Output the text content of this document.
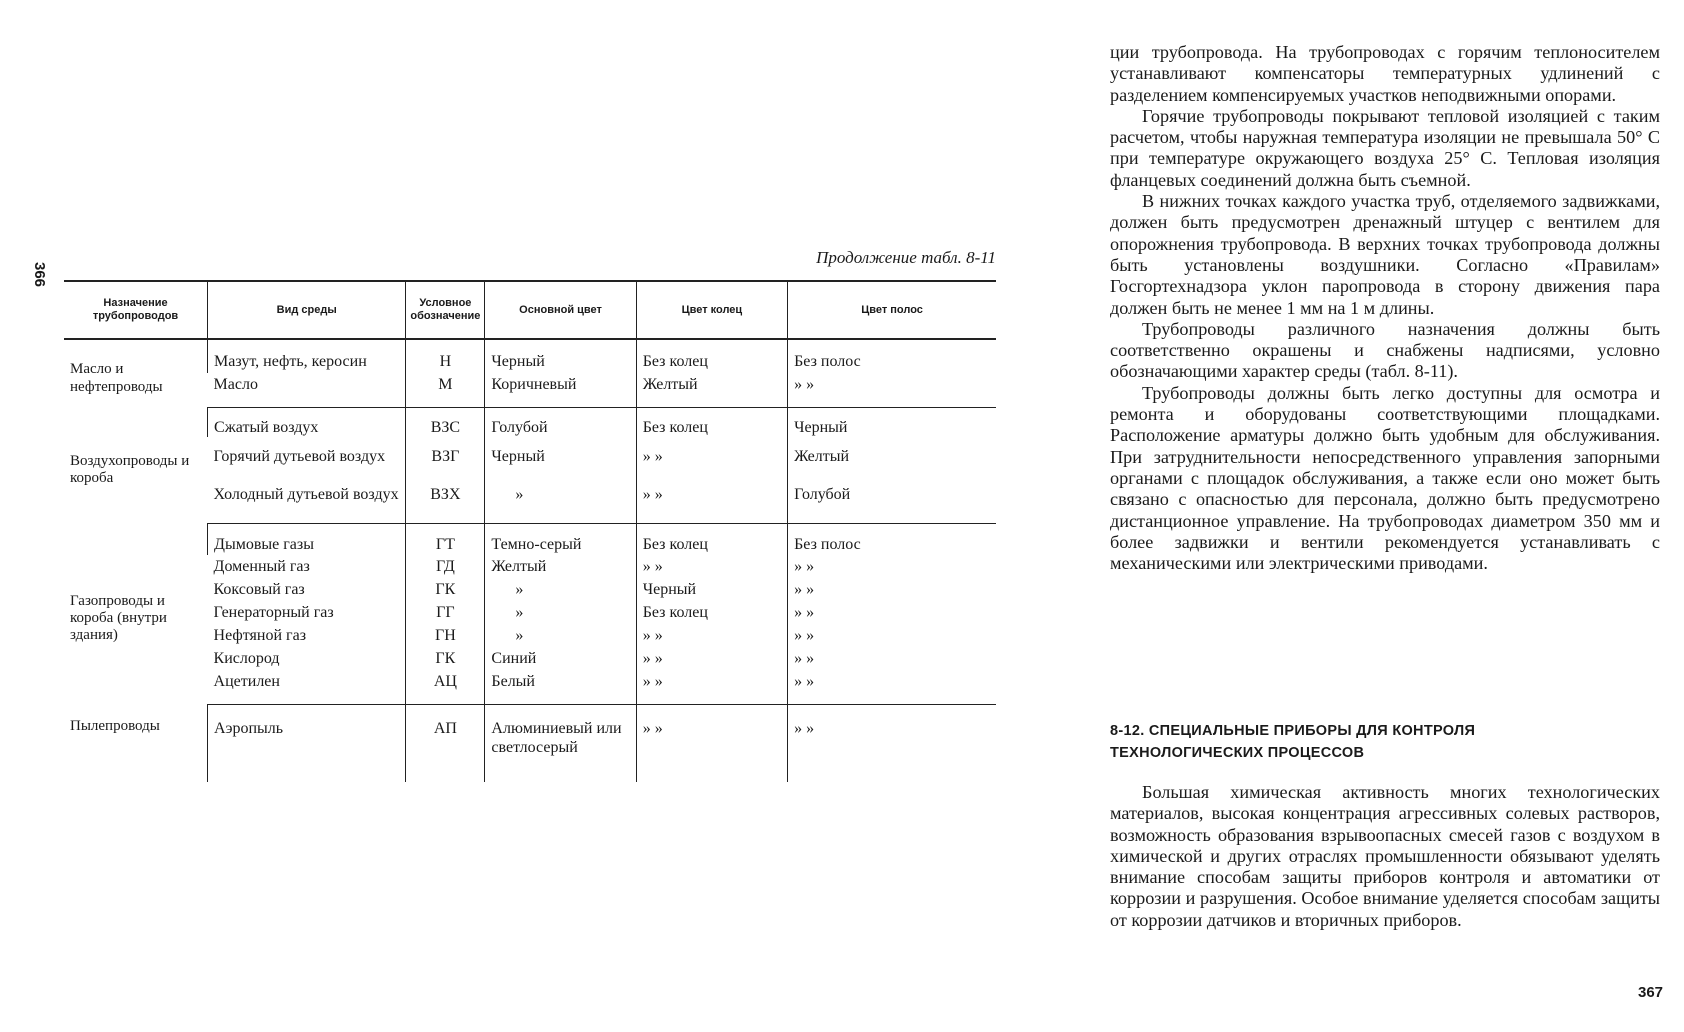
366
Продолжение табл. 8-11
Назначение трубопроводов	Вид среды	Условное обозначение	Основной цвет	Цвет колец	Цвет полос
Масло и нефтепроводы	Мазут, нефть, керосин	Н	Черный	Без колец	Без полос
	Масло	М	Коричневый	Желтый	» »
Воздухопроводы и короба	Сжатый воздух	ВЗС	Голубой	Без колец	Черный
	Горячий дутьевой воздух	ВЗГ	Черный	» »	Желтый
	Холодный дутьевой воздух	ВЗХ	»	» »	Голубой
Газопроводы и короба (внутри здания)	Дымовые газы	ГТ	Темно-серый	Без колец	Без полос
	Доменный газ	ГД	Желтый	» »	» »
	Коксовый газ	ГК	»	Черный	» »
	Генераторный газ	ГГ	»	Без колец	» »
	Нефтяной газ	ГН	»	» »	» »
	Кислород	ГК	Синий	» »	» »
	Ацетилен	АЦ	Белый	» »	» »
Пылепроводы	Аэропыль	АП	Алюминиевый или светлосерый	» »	» »

ции трубопровода. На трубопроводах с горячим теплоносителем устанавливают компенсаторы температурных удлинений с разделением компенсируемых участков неподвижными опорами.

Горячие трубопроводы покрывают тепловой изоляцией с таким расчетом, чтобы наружная температура изоляции не превышала 50° С при температуре окружающего воздуха 25° С. Тепловая изоляция фланцевых соединений должна быть съемной.

В нижних точках каждого участка труб, отделяемого задвижками, должен быть предусмотрен дренажный штуцер с вентилем для опорожнения трубопровода. В верхних точках трубопровода должны быть установлены воздушники. Согласно «Правилам» Госгортехнадзора уклон паропровода в сторону движения пара должен быть не менее 1 мм на 1 м длины.

Трубопроводы различного назначения должны быть соответственно окрашены и снабжены надписями, условно обозначающими характер среды (табл. 8-11).

Трубопроводы должны быть легко доступны для осмотра и ремонта и оборудованы соответствующими площадками. Расположение арматуры должно быть удобным для обслуживания. При затруднительности непосредственного управления запорными органами с площадок обслуживания, а также если оно может быть связано с опасностью для персонала, должно быть предусмотрено дистанционное управление. На трубопроводах диаметром 350 мм и более задвижки и вентили рекомендуется устанавливать с механическими или электрическими приводами.

8-12. СПЕЦИАЛЬНЫЕ ПРИБОРЫ ДЛЯ КОНТРОЛЯ
ТЕХНОЛОГИЧЕСКИХ ПРОЦЕССОВ

Большая химическая активность многих технологических материалов, высокая концентрация агрессивных солевых растворов, возможность образования взрывоопасных смесей газов с воздухом в химической и других отраслях промышленности обязывают уделять внимание способам защиты приборов контроля и автоматики от коррозии и разрушения. Особое внимание уделяется способам защиты от коррозии датчиков и вторичных приборов.

367
